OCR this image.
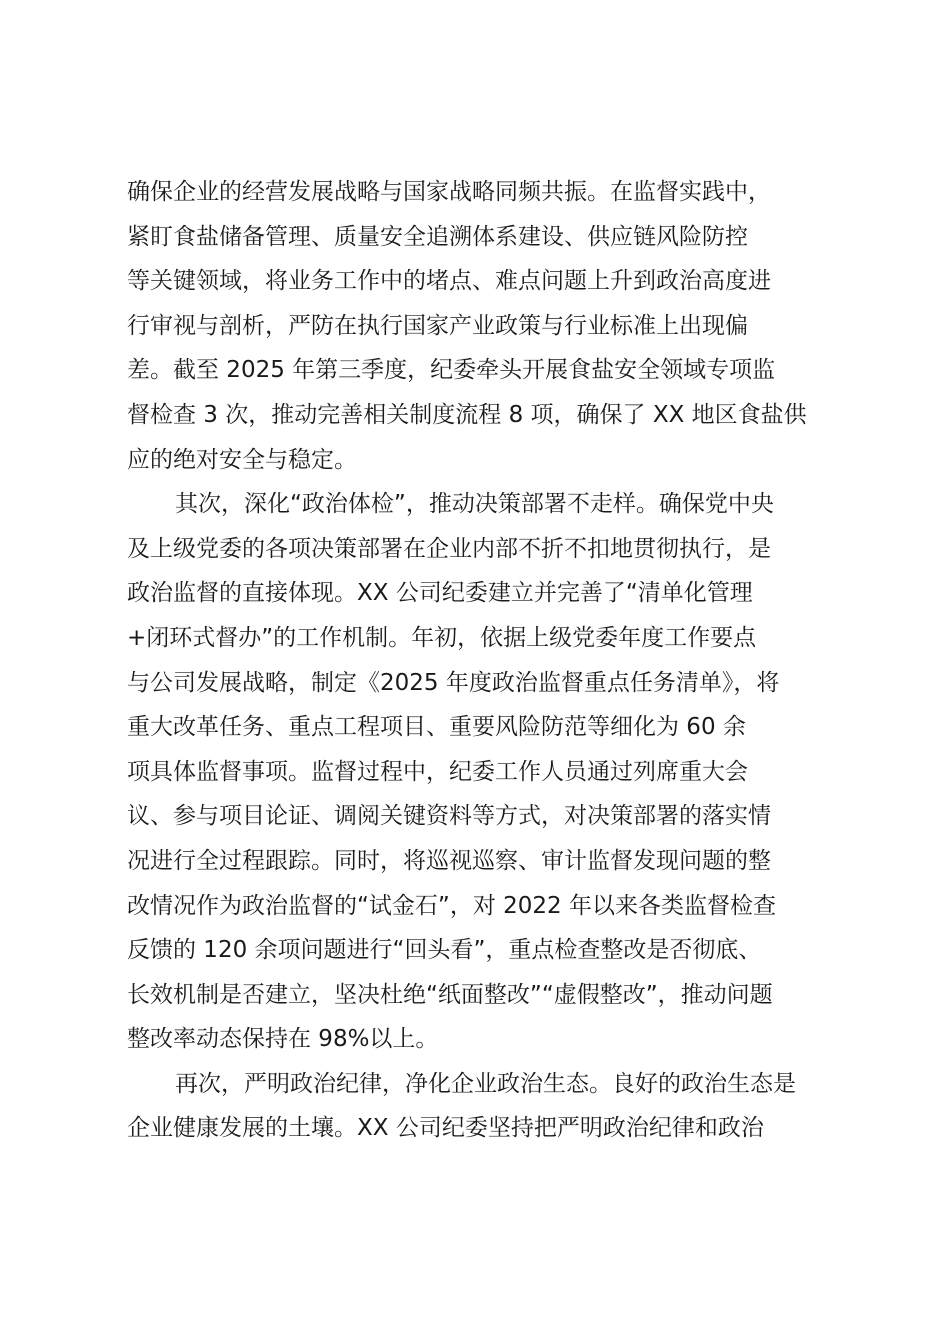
确保企业的经营发展战略与国家战略同频共振。在监督实践中，
紧盯食盐储备管理、质量安全追溯体系建设、供应链风险防控
等关键领域，将业务工作中的堵点、难点问题上升到政治高度进
行审视与剖析，严防在执行国家产业政策与行业标准上出现偏
差。截至 2025 年第三季度，纪委牵头开展食盐安全领域专项监
督检查 3 次，推动完善相关制度流程 8 项，确保了 XX 地区食盐供
应的绝对安全与稳定。
其次，深化“政治体检”，推动决策部署不走样。确保党中央
及上级党委的各项决策部署在企业内部不折不扣地贯彻执行，是
政治监督的直接体现。XX 公司纪委建立并完善了“清单化管理
+闭环式督办”的工作机制。年初，依据上级党委年度工作要点
与公司发展战略，制定《2025 年度政治监督重点任务清单》，将
重大改革任务、重点工程项目、重要风险防范等细化为 60 余
项具体监督事项。监督过程中，纪委工作人员通过列席重大会
议、参与项目论证、调阅关键资料等方式，对决策部署的落实情
况进行全过程跟踪。同时，将巡视巡察、审计监督发现问题的整
改情况作为政治监督的“试金石”，对 2022 年以来各类监督检查
反馈的 120 余项问题进行“回头看”，重点检查整改是否彻底、
长效机制是否建立，坚决杜绝“纸面整改”“虚假整改”，推动问题
整改率动态保持在 98%以上。
再次，严明政治纪律，净化企业政治生态。良好的政治生态是
企业健康发展的土壤。XX 公司纪委坚持把严明政治纪律和政治
